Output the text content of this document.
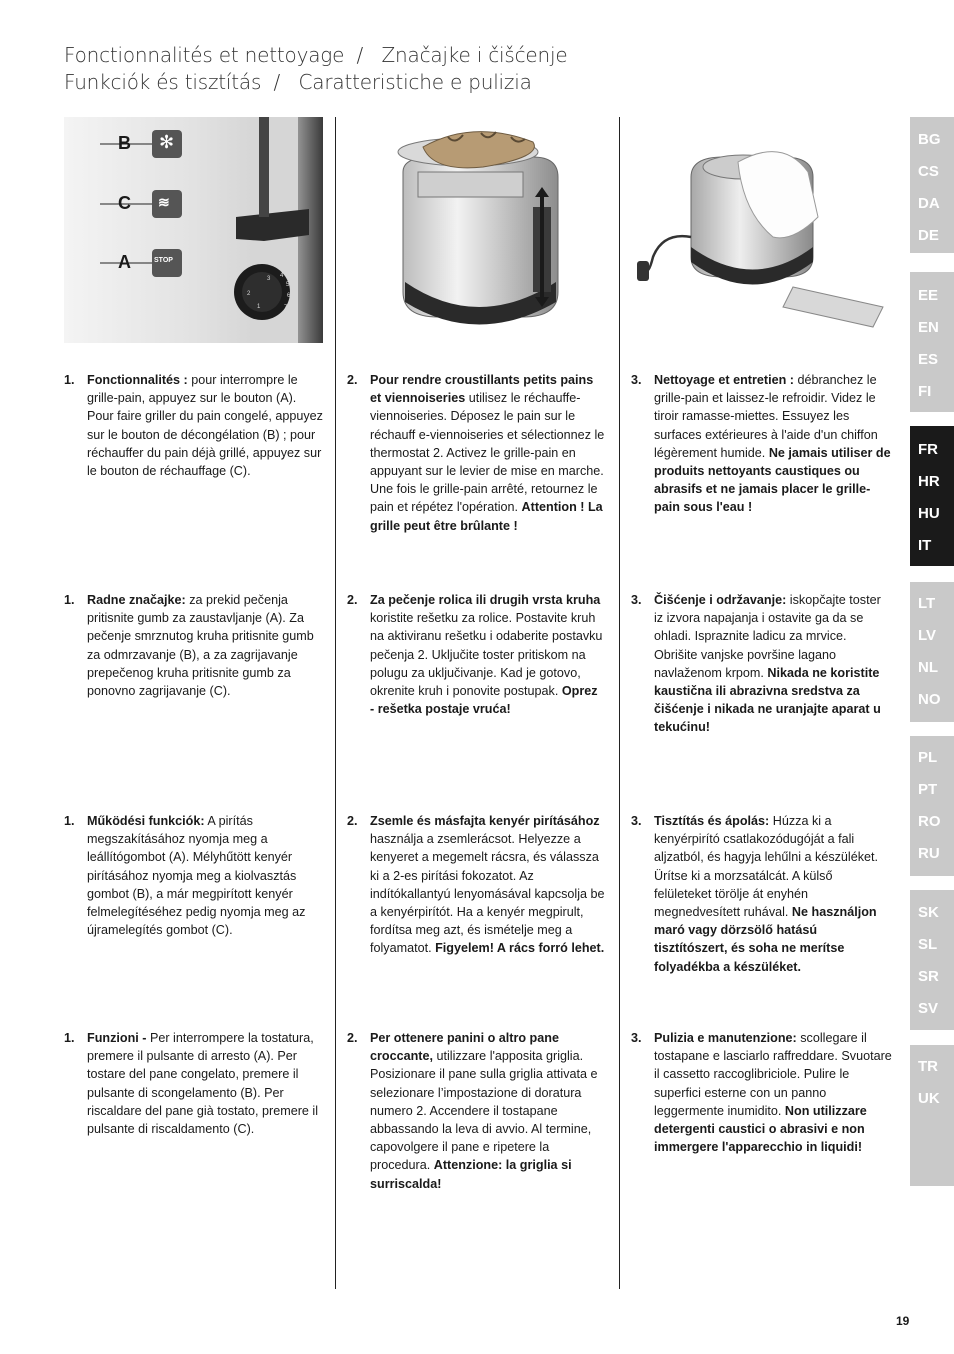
Fonctionnalités et nettoyage / Značajke i čišćenje
Funkciók és tisztítás / Caratteristiche e pulizia
B
C
A
✻
≋
STOP
1
2
3 4
5
6
7
1. Fonctionnalités : pour interrompre le grille-pain, appuyez sur le bouton (A). Pour faire griller du pain congelé, appuyez sur le bouton de décongélation (B) ; pour réchauffer du pain déjà grillé, appuyez sur le bouton de réchauffage (C).
2. Pour rendre croustillants petits pains et viennoiseries utilisez le réchauffe-viennoiseries. Déposez le pain sur le réchauff e-viennoiseries et sélectionnez le thermostat 2. Activez le grille-pain en appuyant sur le levier de mise en marche. Une fois le grille-pain arrêté, retournez le pain et répétez l'opération. Attention ! La grille peut être brûlante !
3. Nettoyage et entretien : débranchez le grille-pain et laissez-le refroidir. Videz le tiroir ramasse-miettes. Essuyez les surfaces extérieures à l'aide d'un chiffon légèrement humide. Ne jamais utiliser de produits nettoyants caustiques ou abrasifs et ne jamais placer le grille-pain sous l'eau !
1. Radne značajke: za prekid pečenja pritisnite gumb za zaustavljanje (A). Za pečenje smrznutog kruha pritisnite gumb za odmrzavanje (B), a za zagrijavanje prepečenog kruha pritisnite gumb za ponovno zagrijavanje (C).
2. Za pečenje rolica ili drugih vrsta kruha koristite rešetku za rolice. Postavite kruh na aktiviranu rešetku i odaberite postavku pečenja 2. Uključite toster pritiskom na polugu za uključivanje. Kad je gotovo, okrenite kruh i ponovite postupak. Oprez - rešetka postaje vruća!
3. Čišćenje i održavanje: iskopčajte toster iz izvora napajanja i ostavite ga da se ohladi. Ispraznite ladicu za mrvice. Obrišite vanjske površine lagano navlaženom krpom. Nikada ne koristite kaustična ili abrazivna sredstva za čišćenje i nikada ne uranjajte aparat u tekućinu!
1. Működési funkciók: A pirítás megszakításához nyomja meg a leállítógombot (A). Mélyhűtött kenyér pirításához nyomja meg a kiolvasztás gombot (B), a már megpirított kenyér felmelegítéséhez pedig nyomja meg az újramelegítés gombot (C).
2. Zsemle és másfajta kenyér pirításához használja a zsemlerácsot. Helyezze a kenyeret a megemelt rácsra, és válassza ki a 2-es pirítási fokozatot. Az indítókallantyú lenyomásával kapcsolja be a kenyérpirítót. Ha a kenyér megpirult, fordítsa meg azt, és ismételje meg a folyamatot. Figyelem! A rács forró lehet.
3. Tisztítás és ápolás: Húzza ki a kenyérpirító csatlakozódugóját a fali aljzatból, és hagyja lehűlni a készüléket. Ürítse ki a morzsatálcát. A külső felületeket törölje át enyhén megnedvesített ruhával. Ne használjon maró vagy dörzsölő hatású tisztítószert, és soha ne merítse folyadékba a készüléket.
1. Funzioni - Per interrompere la tostatura, premere il pulsante di arresto (A). Per tostare del pane congelato, premere il pulsante di scongelamento (B). Per riscaldare del pane già tostato, premere il pulsante di riscaldamento (C).
2. Per ottenere panini o altro pane croccante, utilizzare l'apposita griglia. Posizionare il pane sulla griglia attivata e selezionare l’impostazione di doratura numero 2. Accendere il tostapane abbassando la leva di avvio. Al termine, capovolgere il pane e ripetere la procedura. Attenzione: la griglia si surriscalda!
3. Pulizia e manutenzione: scollegare il tostapane e lasciarlo raffreddare. Svuotare il cassetto raccoglibriciole. Pulire le superfici esterne con un panno leggermente inumidito. Non utilizzare detergenti caustici o abrasivi e non immergere l'apparecchio in liquidi!
BG
CS
DA
DE
EE
EN
ES
FI
FR
HR
HU
IT
LT
LV
NL
NO
PL
PT
RO
RU
SK
SL
SR
SV
TR
UK
19
